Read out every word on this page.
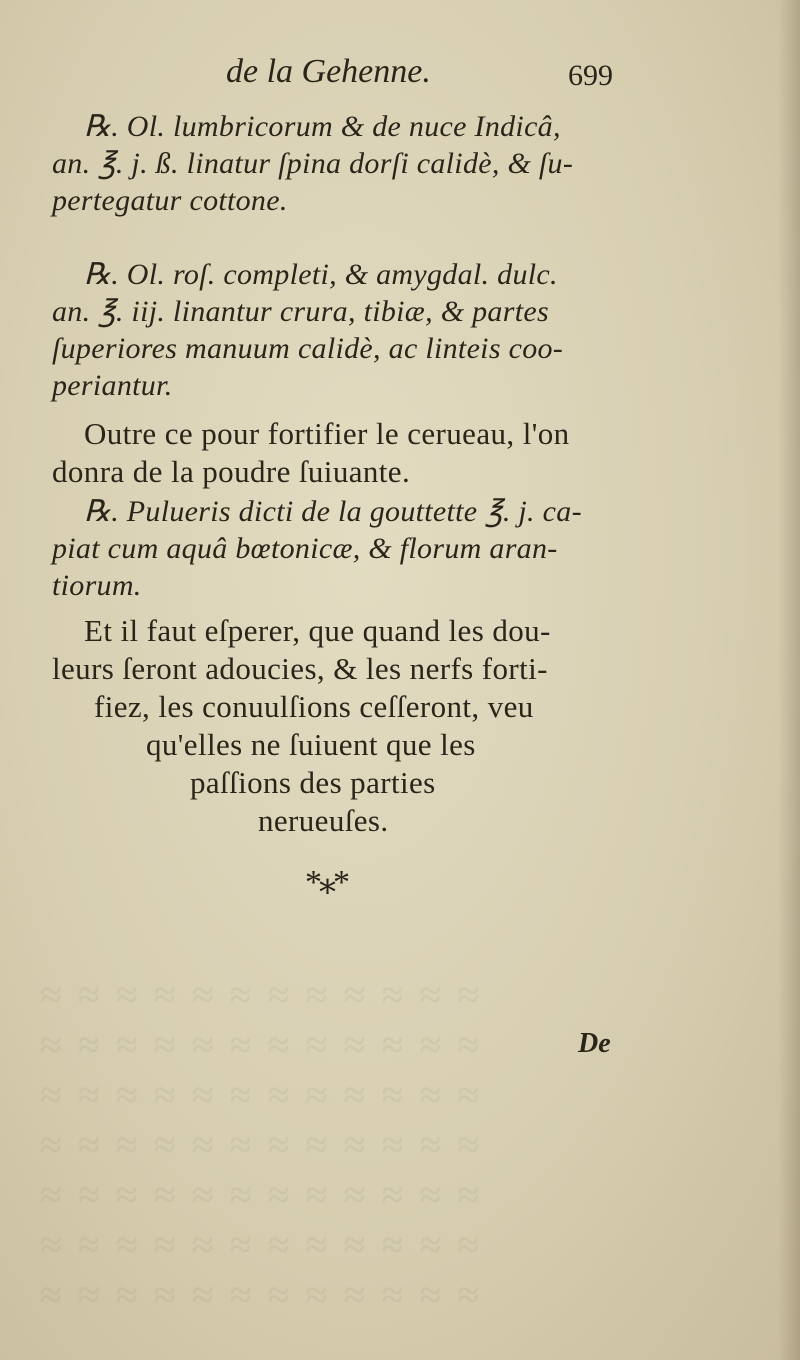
≈ ≈ ≈ ≈ ≈ ≈ ≈ ≈ ≈ ≈ ≈ ≈
≈ ≈ ≈ ≈ ≈ ≈ ≈ ≈ ≈ ≈ ≈ ≈
≈ ≈ ≈ ≈ ≈ ≈ ≈ ≈ ≈ ≈ ≈ ≈
≈ ≈ ≈ ≈ ≈ ≈ ≈ ≈ ≈ ≈ ≈ ≈
≈ ≈ ≈ ≈ ≈ ≈ ≈ ≈ ≈ ≈ ≈ ≈
≈ ≈ ≈ ≈ ≈ ≈ ≈ ≈ ≈ ≈ ≈ ≈
≈ ≈ ≈ ≈ ≈ ≈ ≈ ≈ ≈ ≈ ≈ ≈
de la Gehenne.	699

℞. Ol. lumbricorum & de nuce Indicâ,

an. ℥. j. ß. linatur ſpina dorſi calidè, & ſu-

pertegatur cottone.

℞. Ol. roſ. completi, & amygdal. dulc.

an. ℥. iij. linantur crura, tibiæ, & partes

ſuperiores manuum calidè, ac linteis coo-

periantur.

Outre ce pour fortifier le cerueau, l'on

donra de la poudre ſuiuante.

℞. Pulueris dicti de la gouttette ℥. j. ca-

piat cum aquâ bœtonicæ, & florum aran-

tiorum.

Et il faut eſperer, que quand les dou-

leurs ſeront adoucies, & les nerfs forti-

fiez, les conuulſions ceſſeront, veu

qu'elles ne ſuiuent que les

paſſions des parties

nerueuſes.

*⁎*
De
